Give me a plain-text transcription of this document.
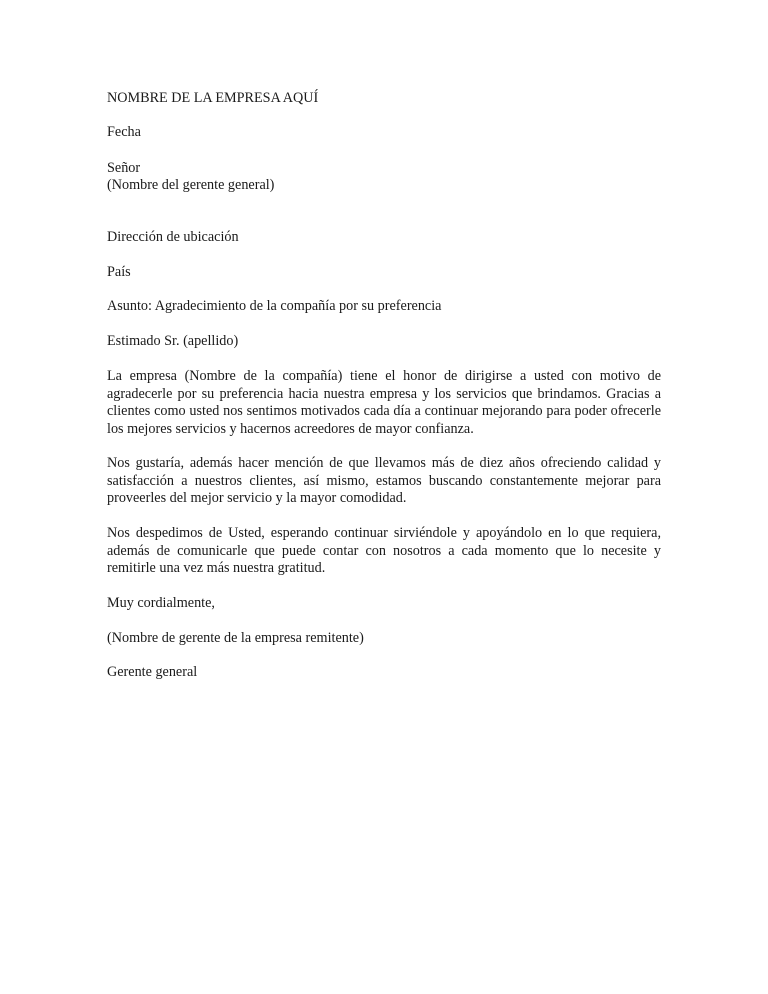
NOMBRE DE LA EMPRESA AQUÍ
Fecha
Señor
(Nombre del gerente general)
Dirección de ubicación
País
Asunto: Agradecimiento de la compañía por su preferencia
Estimado Sr. (apellido)
La empresa (Nombre de la compañía) tiene el honor de dirigirse a usted con motivo de agradecerle por su preferencia hacia nuestra empresa y los servicios que brindamos. Gracias a clientes como usted nos sentimos motivados cada día a continuar mejorando para poder ofrecerle los mejores servicios y hacernos acreedores de mayor confianza.
Nos gustaría, además hacer mención de que llevamos más de diez años ofreciendo calidad y satisfacción a nuestros clientes, así mismo, estamos buscando constantemente mejorar para proveerles del mejor servicio y la mayor comodidad.
Nos despedimos de Usted, esperando continuar sirviéndole y apoyándolo en lo que requiera, además de comunicarle que puede contar con nosotros a cada momento que lo necesite y remitirle una vez más nuestra gratitud.
Muy cordialmente,
(Nombre de gerente de la empresa remitente)
Gerente general
